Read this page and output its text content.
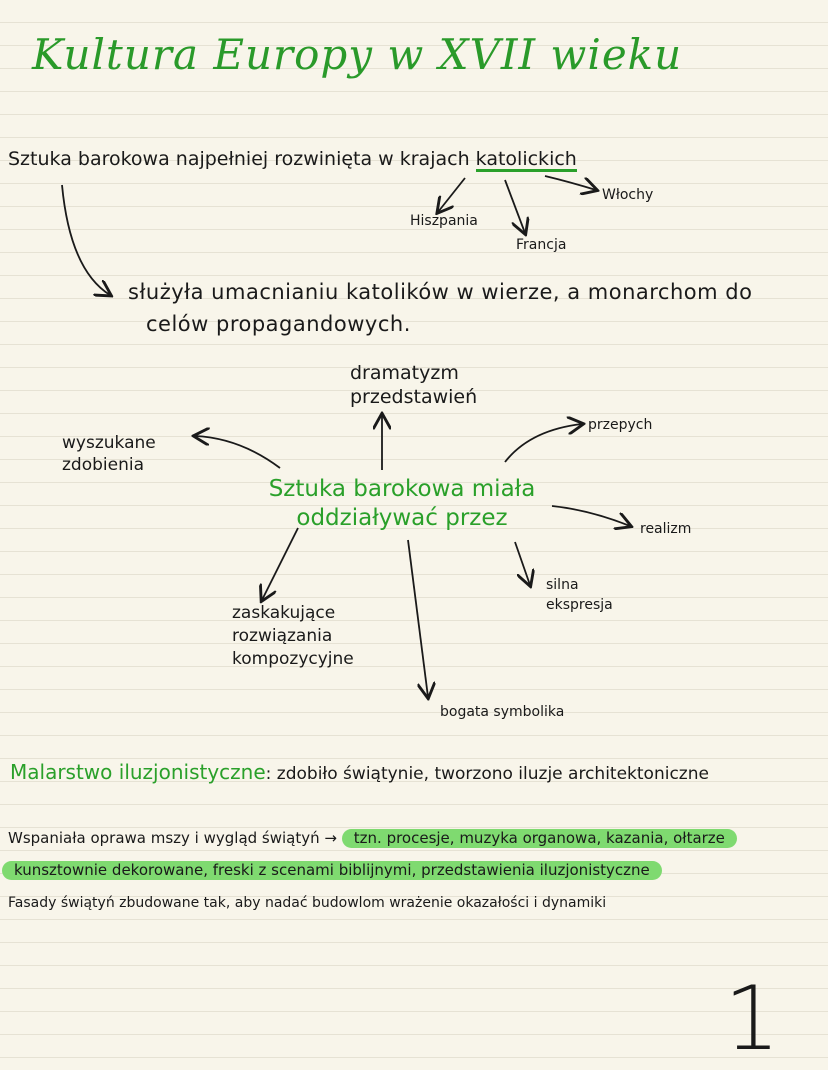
Kultura Europy w XVII wieku
Sztuka barokowa najpełniej rozwinięta w krajach katolickich
Włochy
Hiszpania
Francja
służyła umacnianiu katolików w wierze, a monarchom do
celów propagandowych.
dramatyzm przedstawień
wyszukane zdobienia
przepych
Sztuka barokowa miała oddziaływać przez	realizm
silna ekspresja
zaskakujące rozwiązania kompozycyjne
bogata symbolika
Malarstwo iluzjonistyczne: zdobiło świątynie, tworzono iluzje architektoniczne
Wspaniała oprawa mszy i wygląd świątyń → tzn. procesje, muzyka organowa, kazania, ołtarze
kunsztownie dekorowane, freski z scenami biblijnymi, przedstawienia iluzjonistyczne
Fasady świątyń zbudowane tak, aby nadać budowlom wrażenie okazałości i dynamiki
1
